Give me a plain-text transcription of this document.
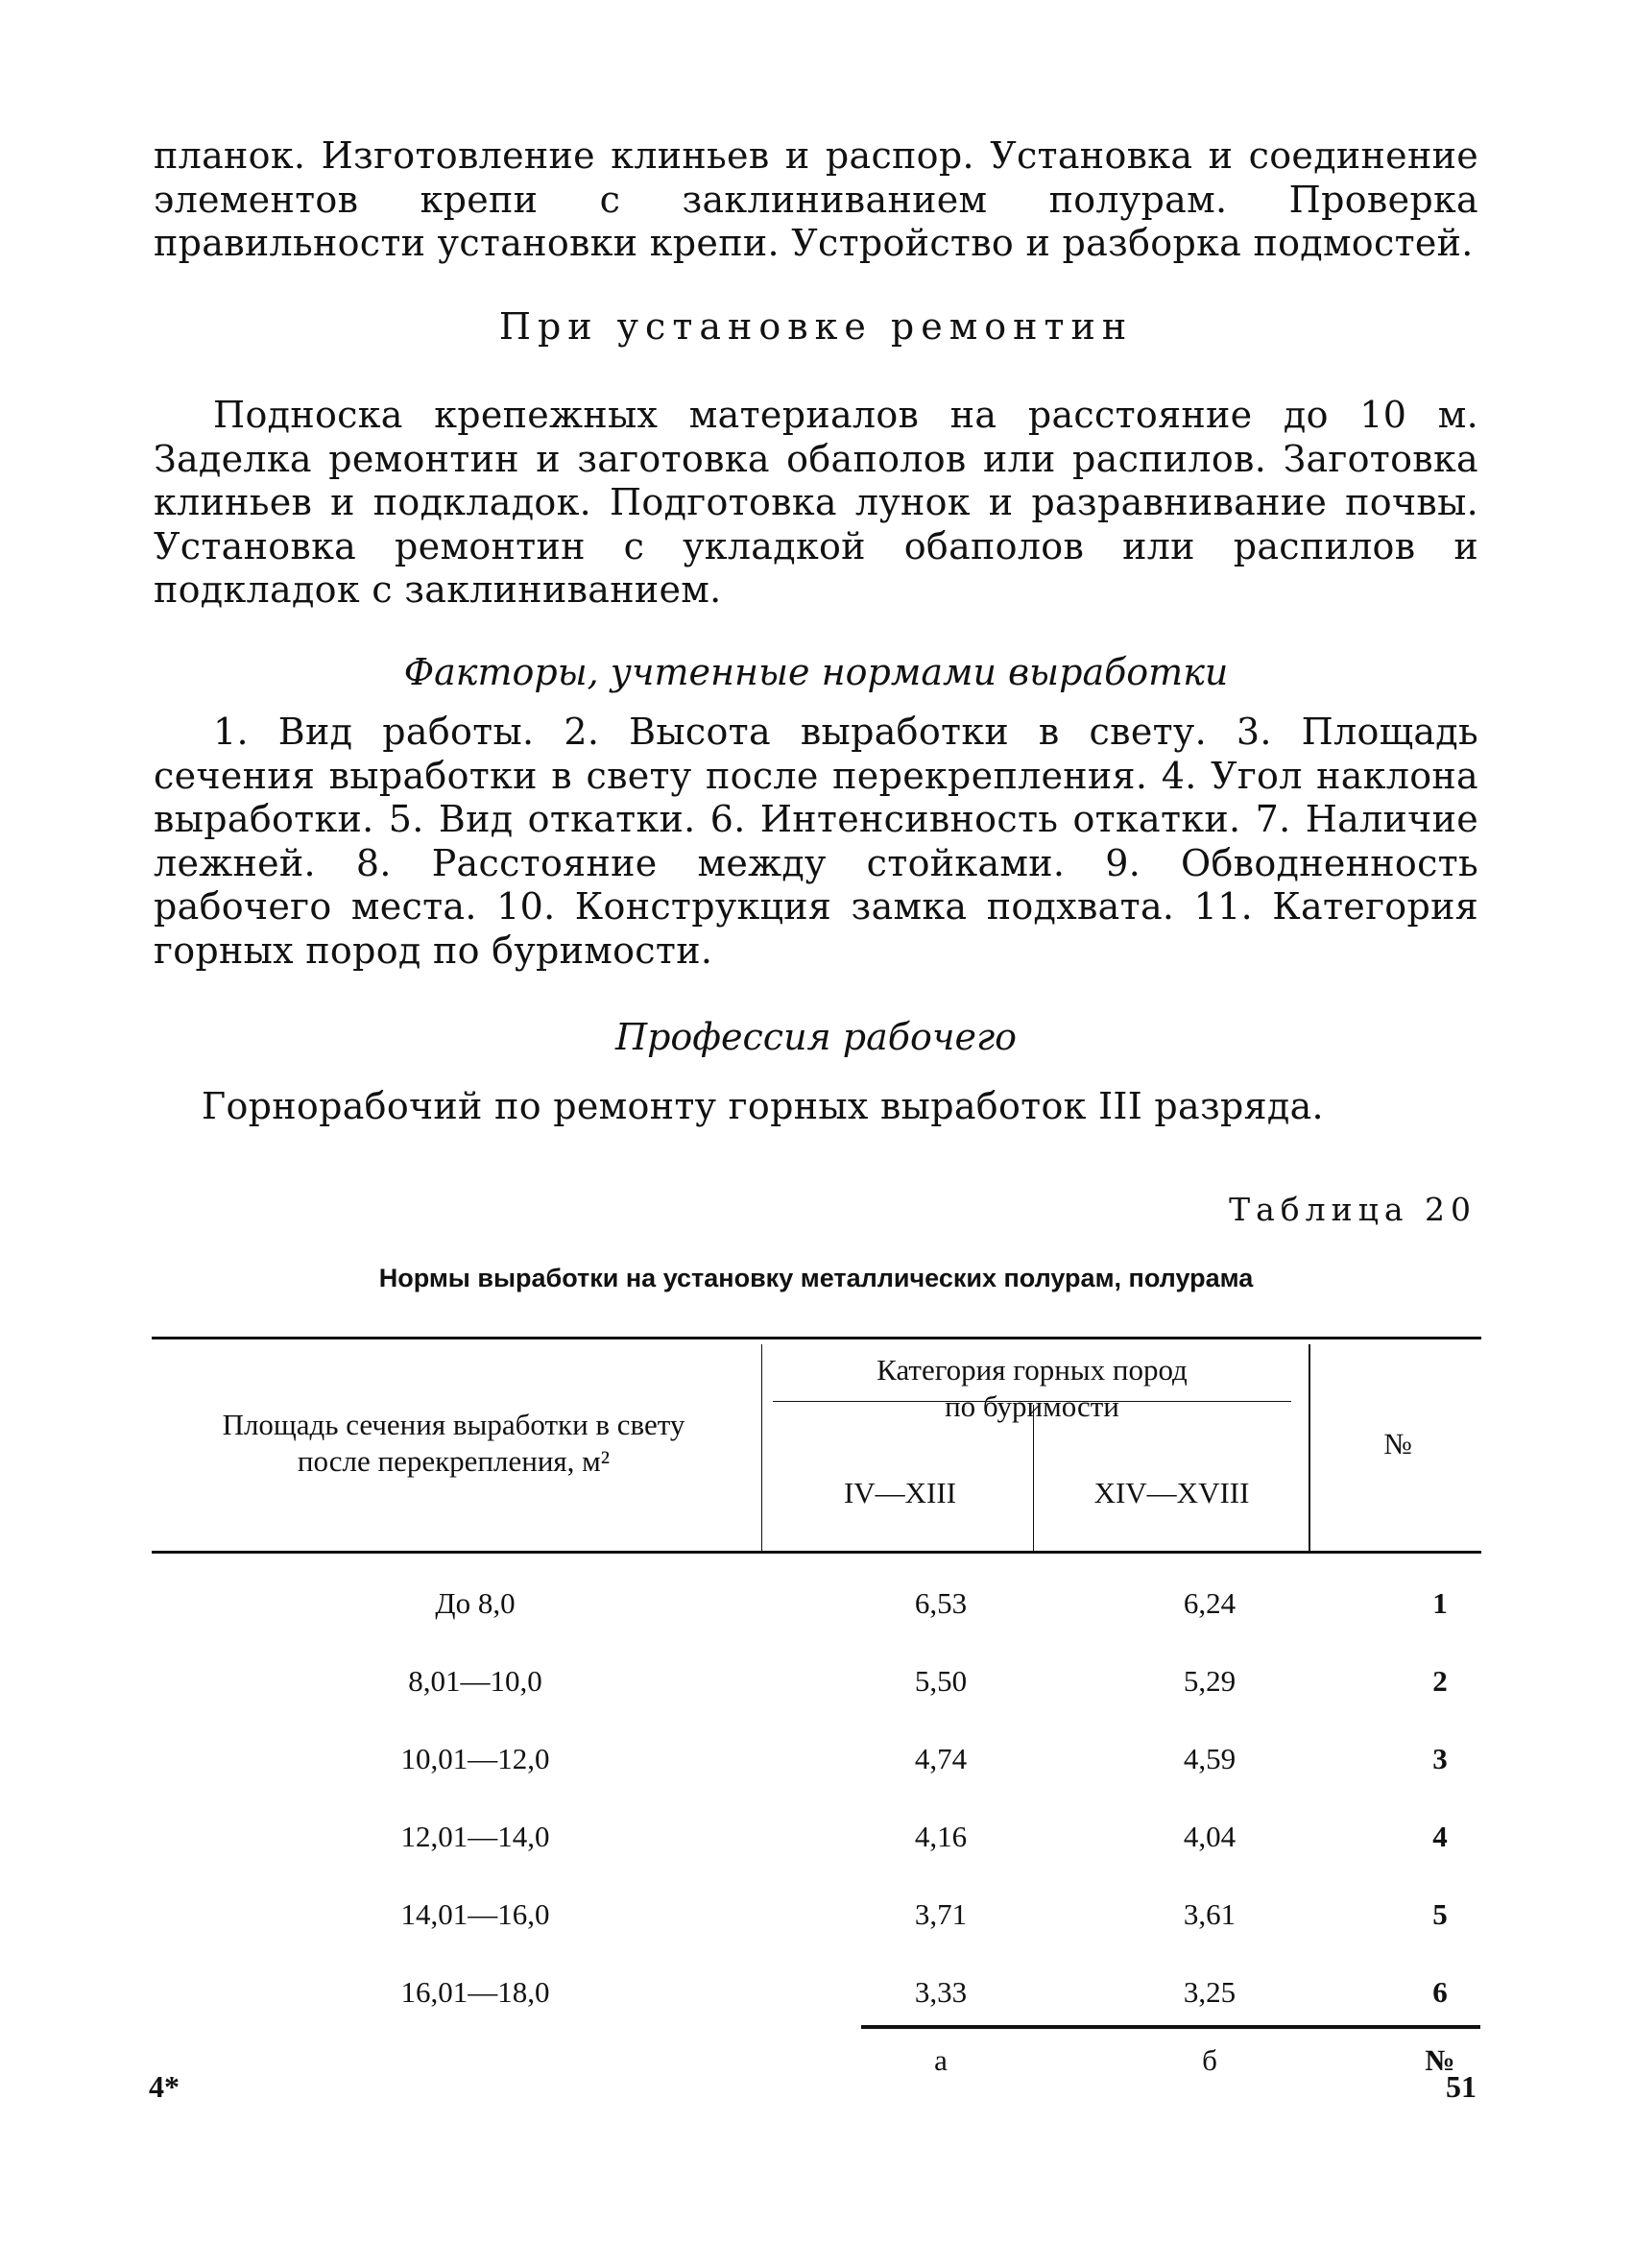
планок. Изготовление клиньев и распор. Установка и соединение элементов крепи с заклиниванием полурам. Проверка правильности установки крепи. Устройство и разборка подмостей.
При установке ремонтин
Подноска крепежных материалов на расстояние до 10 м. Заделка ремонтин и заготовка обаполов или распилов. Заготовка клиньев и подкладок. Подготовка лунок и разравнивание почвы. Установка ремонтин с укладкой обаполов или распилов и подкладок с заклиниванием.
Факторы, учтенные нормами выработки
1. Вид работы. 2. Высота выработки в свету. 3. Площадь сечения выработки в свету после перекрепления. 4. Угол наклона выработки. 5. Вид откатки. 6. Интенсивность откатки. 7. Наличие лежней. 8. Расстояние между стойками. 9. Обводненность рабочего места. 10. Конструкция замка подхвата. 11. Категория горных пород по буримости.
Профессия рабочего
Горнорабочий по ремонту горных выработок III разряда.
Таблица 20
Нормы выработки на установку металлических полурам, полурама
Площадь сечения выработки в свету
после перекрепления, м²
Категория горных пород
по буримости
IV—XIII	XIV—XVIII
№
До 8,0	6,53	6,24	1
8,01—10,0	5,50	5,29	2
10,01—12,0	4,74	4,59	3
12,01—14,0	4,16	4,04	4
14,01—16,0	3,71	3,61	5
16,01—18,0	3,33	3,25	6
а	б	№
4*	51
